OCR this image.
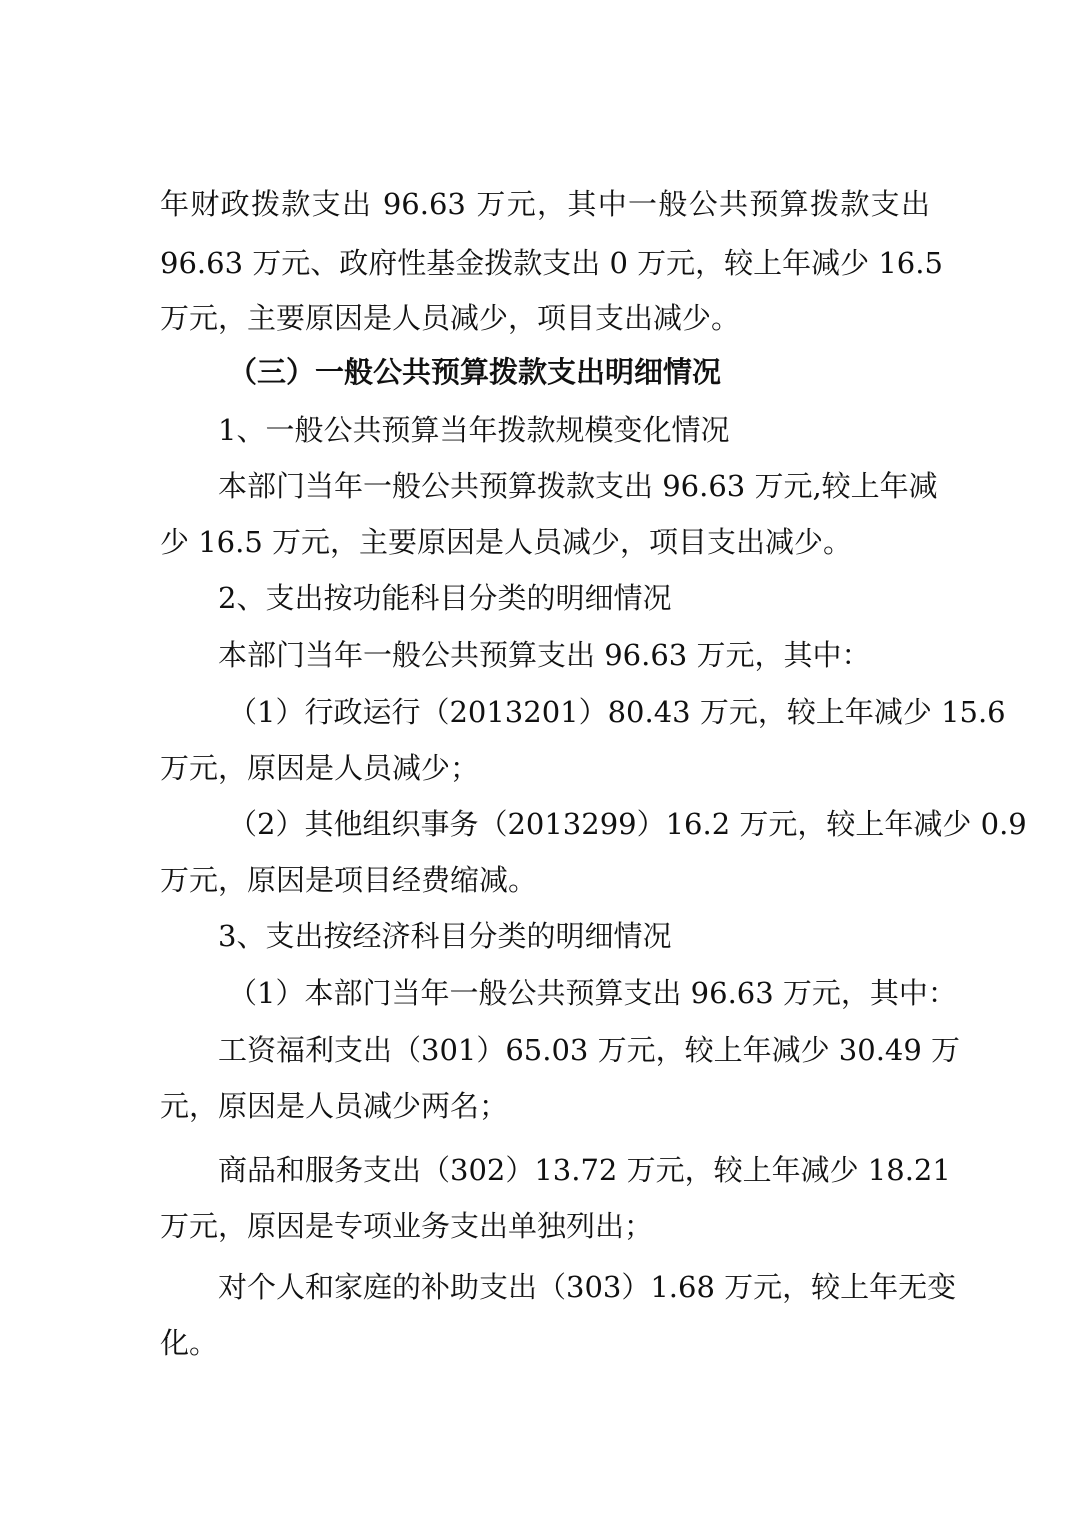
年财政拨款支出 96.63 万元，其中一般公共预算拨款支出
96.63 万元、政府性基金拨款支出 0 万元，较上年减少 16.5
万元，主要原因是人员减少，项目支出减少。
（三）一般公共预算拨款支出明细情况
1、一般公共预算当年拨款规模变化情况
本部门当年一般公共预算拨款支出 96.63 万元,较上年减
少 16.5 万元，主要原因是人员减少，项目支出减少。
2、支出按功能科目分类的明细情况
本部门当年一般公共预算支出 96.63 万元，其中：
（1）行政运行（2013201）80.43 万元，较上年减少 15.6
万元，原因是人员减少；
（2）其他组织事务（2013299）16.2 万元，较上年减少 0.9
万元，原因是项目经费缩减。
3、支出按经济科目分类的明细情况
（1）本部门当年一般公共预算支出 96.63 万元，其中：
工资福利支出（301）65.03 万元，较上年减少 30.49 万
元，原因是人员减少两名；
商品和服务支出（302）13.72 万元，较上年减少 18.21
万元，原因是专项业务支出单独列出；
对个人和家庭的补助支出（303）1.68 万元，较上年无变
化。
